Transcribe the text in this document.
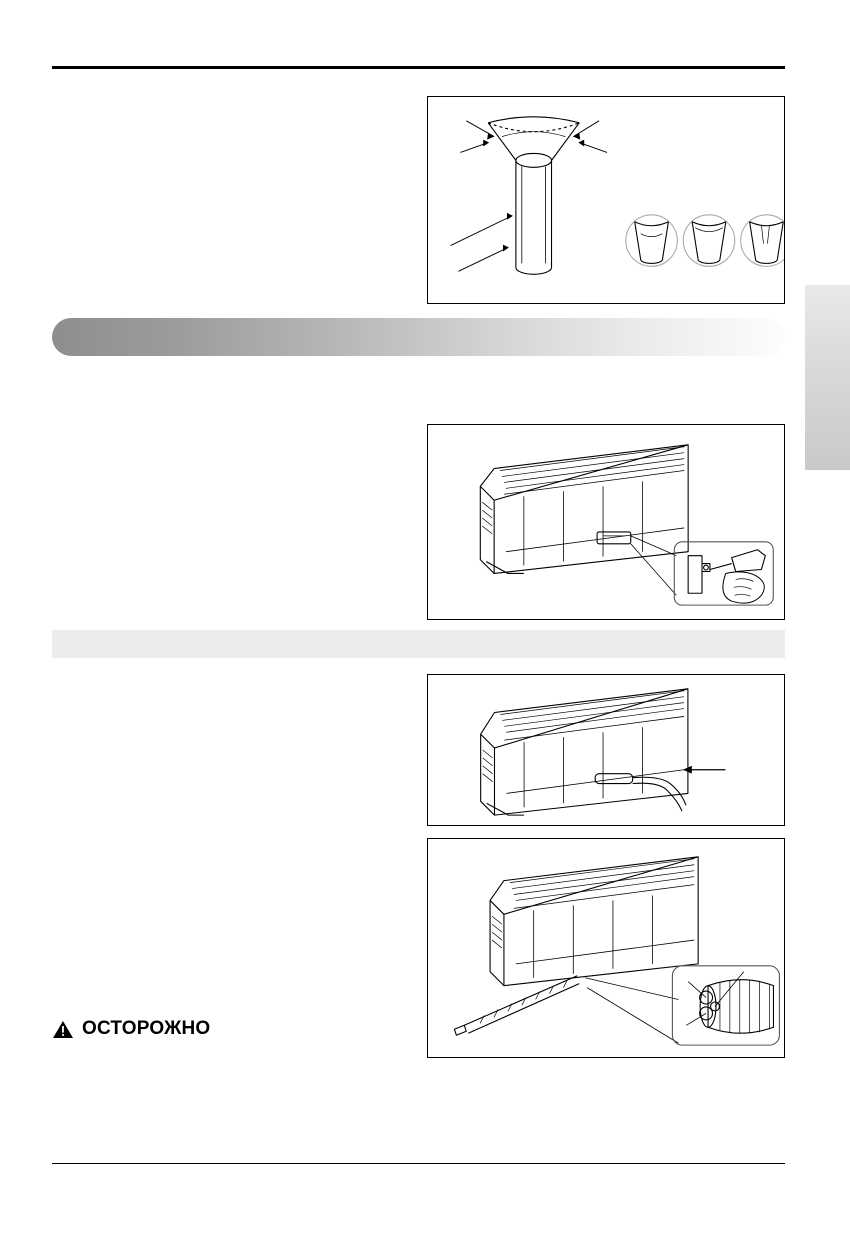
ОСТОРОЖНО
